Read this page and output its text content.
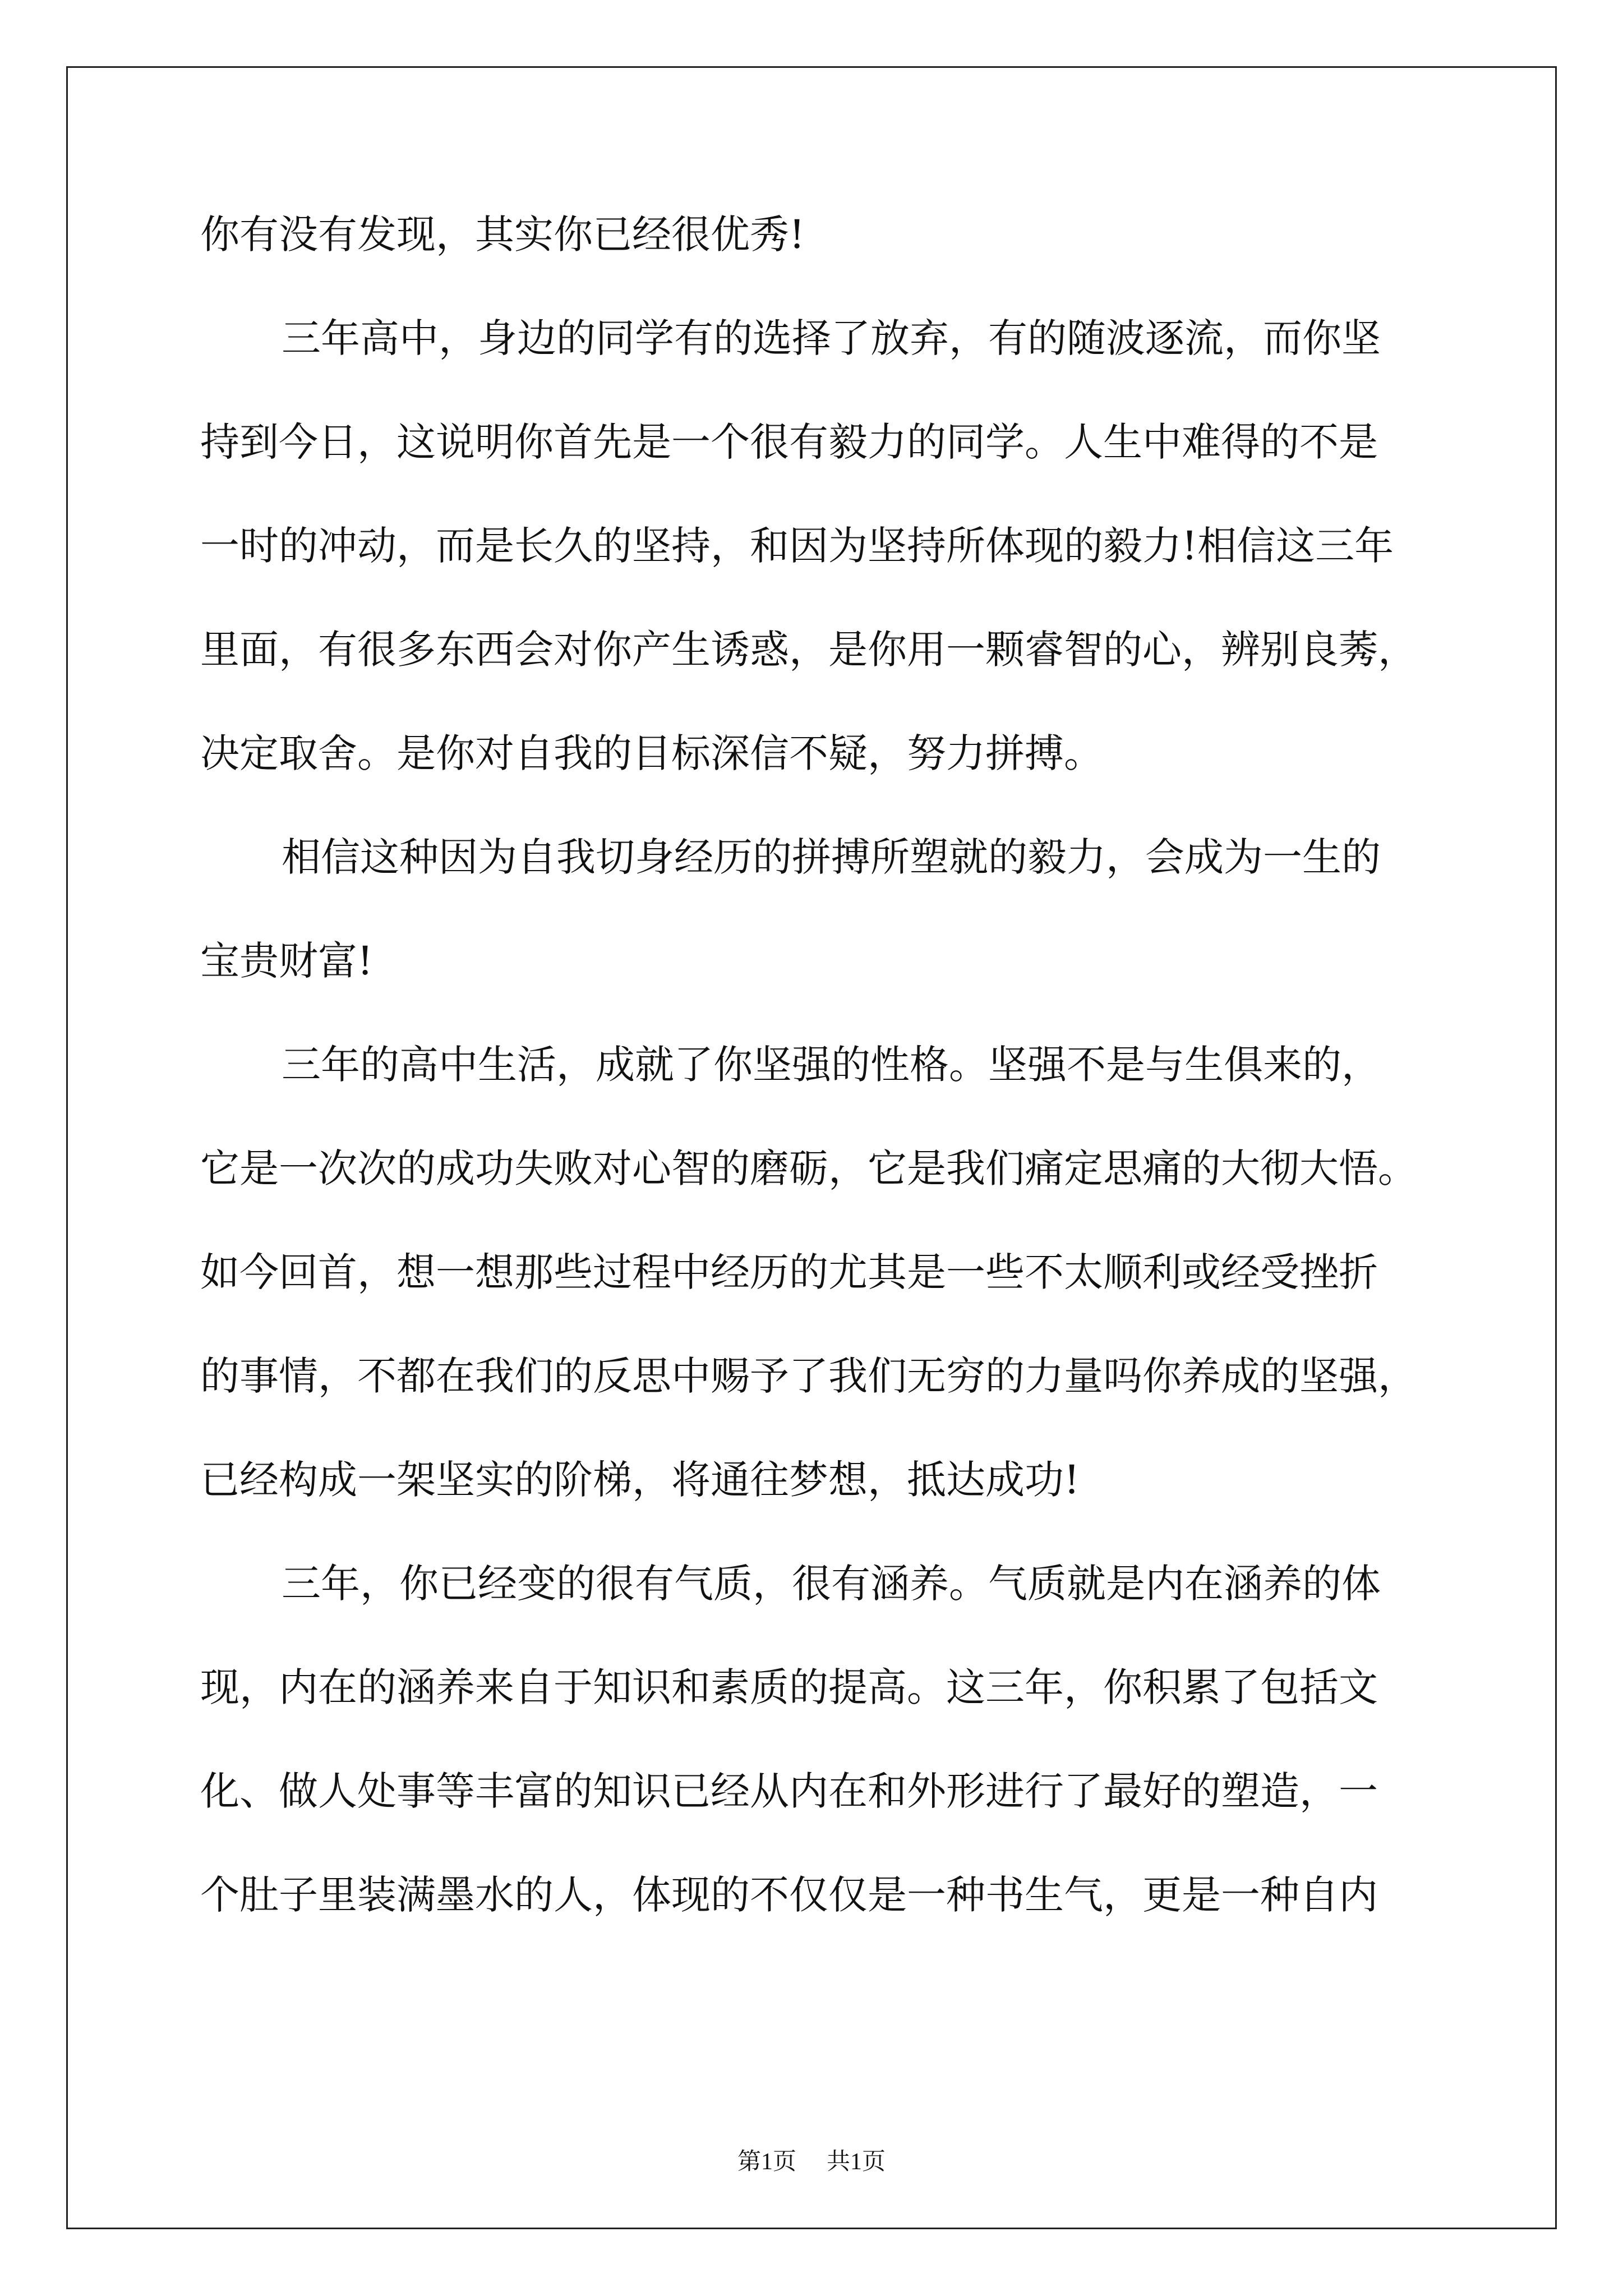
你有没有发现，其实你已经很优秀!

三年高中，身边的同学有的选择了放弃，有的随波逐流，而你坚

持到今日，这说明你首先是一个很有毅力的同学。人生中难得的不是

一时的冲动，而是长久的坚持，和因为坚持所体现的毅力!相信这三年

里面，有很多东西会对你产生诱惑，是你用一颗睿智的心，辨别良莠，

决定取舍。是你对自我的目标深信不疑，努力拼搏。

相信这种因为自我切身经历的拼搏所塑就的毅力，会成为一生的

宝贵财富!

三年的高中生活，成就了你坚强的性格。坚强不是与生俱来的，

它是一次次的成功失败对心智的磨砺，它是我们痛定思痛的大彻大悟。

如今回首，想一想那些过程中经历的尤其是一些不太顺利或经受挫折

的事情，不都在我们的反思中赐予了我们无穷的力量吗你养成的坚强，

已经构成一架坚实的阶梯，将通往梦想，抵达成功!

三年，你已经变的很有气质，很有涵养。气质就是内在涵养的体

现，内在的涵养来自于知识和素质的提高。这三年，你积累了包括文

化、做人处事等丰富的知识已经从内在和外形进行了最好的塑造，一

个肚子里装满墨水的人，体现的不仅仅是一种书生气，更是一种自内

第1页 共1页
